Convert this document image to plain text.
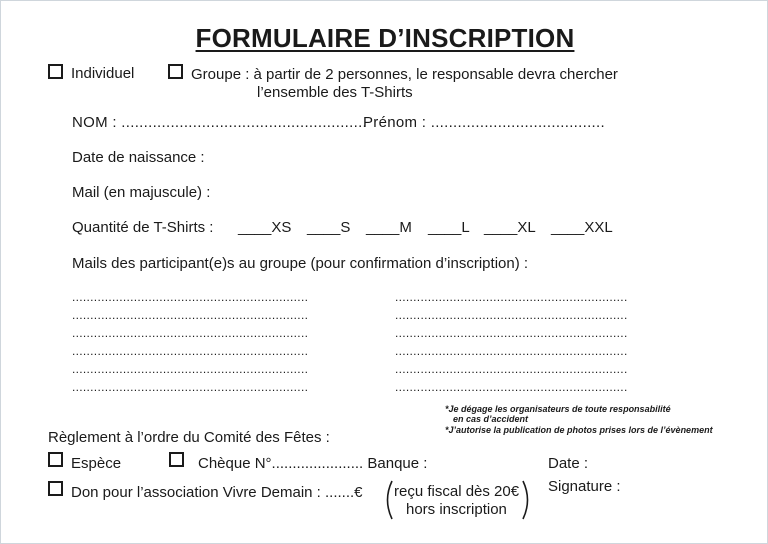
FORMULAIRE D’INSCRIPTION
Individuel	Groupe : à partir de 2 personnes, le responsable devra chercher
l’ensemble des T-Shirts
NOM : .......................................................
Prénom : .......................................
Date de naissance :
Mail (en majuscule) :
Quantité de T-Shirts : ____XS ____S ____M ____L ____XL ____XXL
Mails des participant(e)s au groupe (pour confirmation d’inscription) :
.................................................................
.................................................................
.................................................................
.................................................................
.................................................................
.................................................................
................................................................
................................................................
................................................................
................................................................
................................................................
................................................................
*Je dégage les organisateurs de toute responsabilité
en cas d’accident
*J’autorise la publication de photos prises lors de l’évènement
Règlement à l’ordre du Comité des Fêtes :
Espèce	Chèque N°...................... Banque :	Date :
Don pour l’association Vivre Demain : .......€ reçu fiscal dès 20€
hors inscription
Signature :
